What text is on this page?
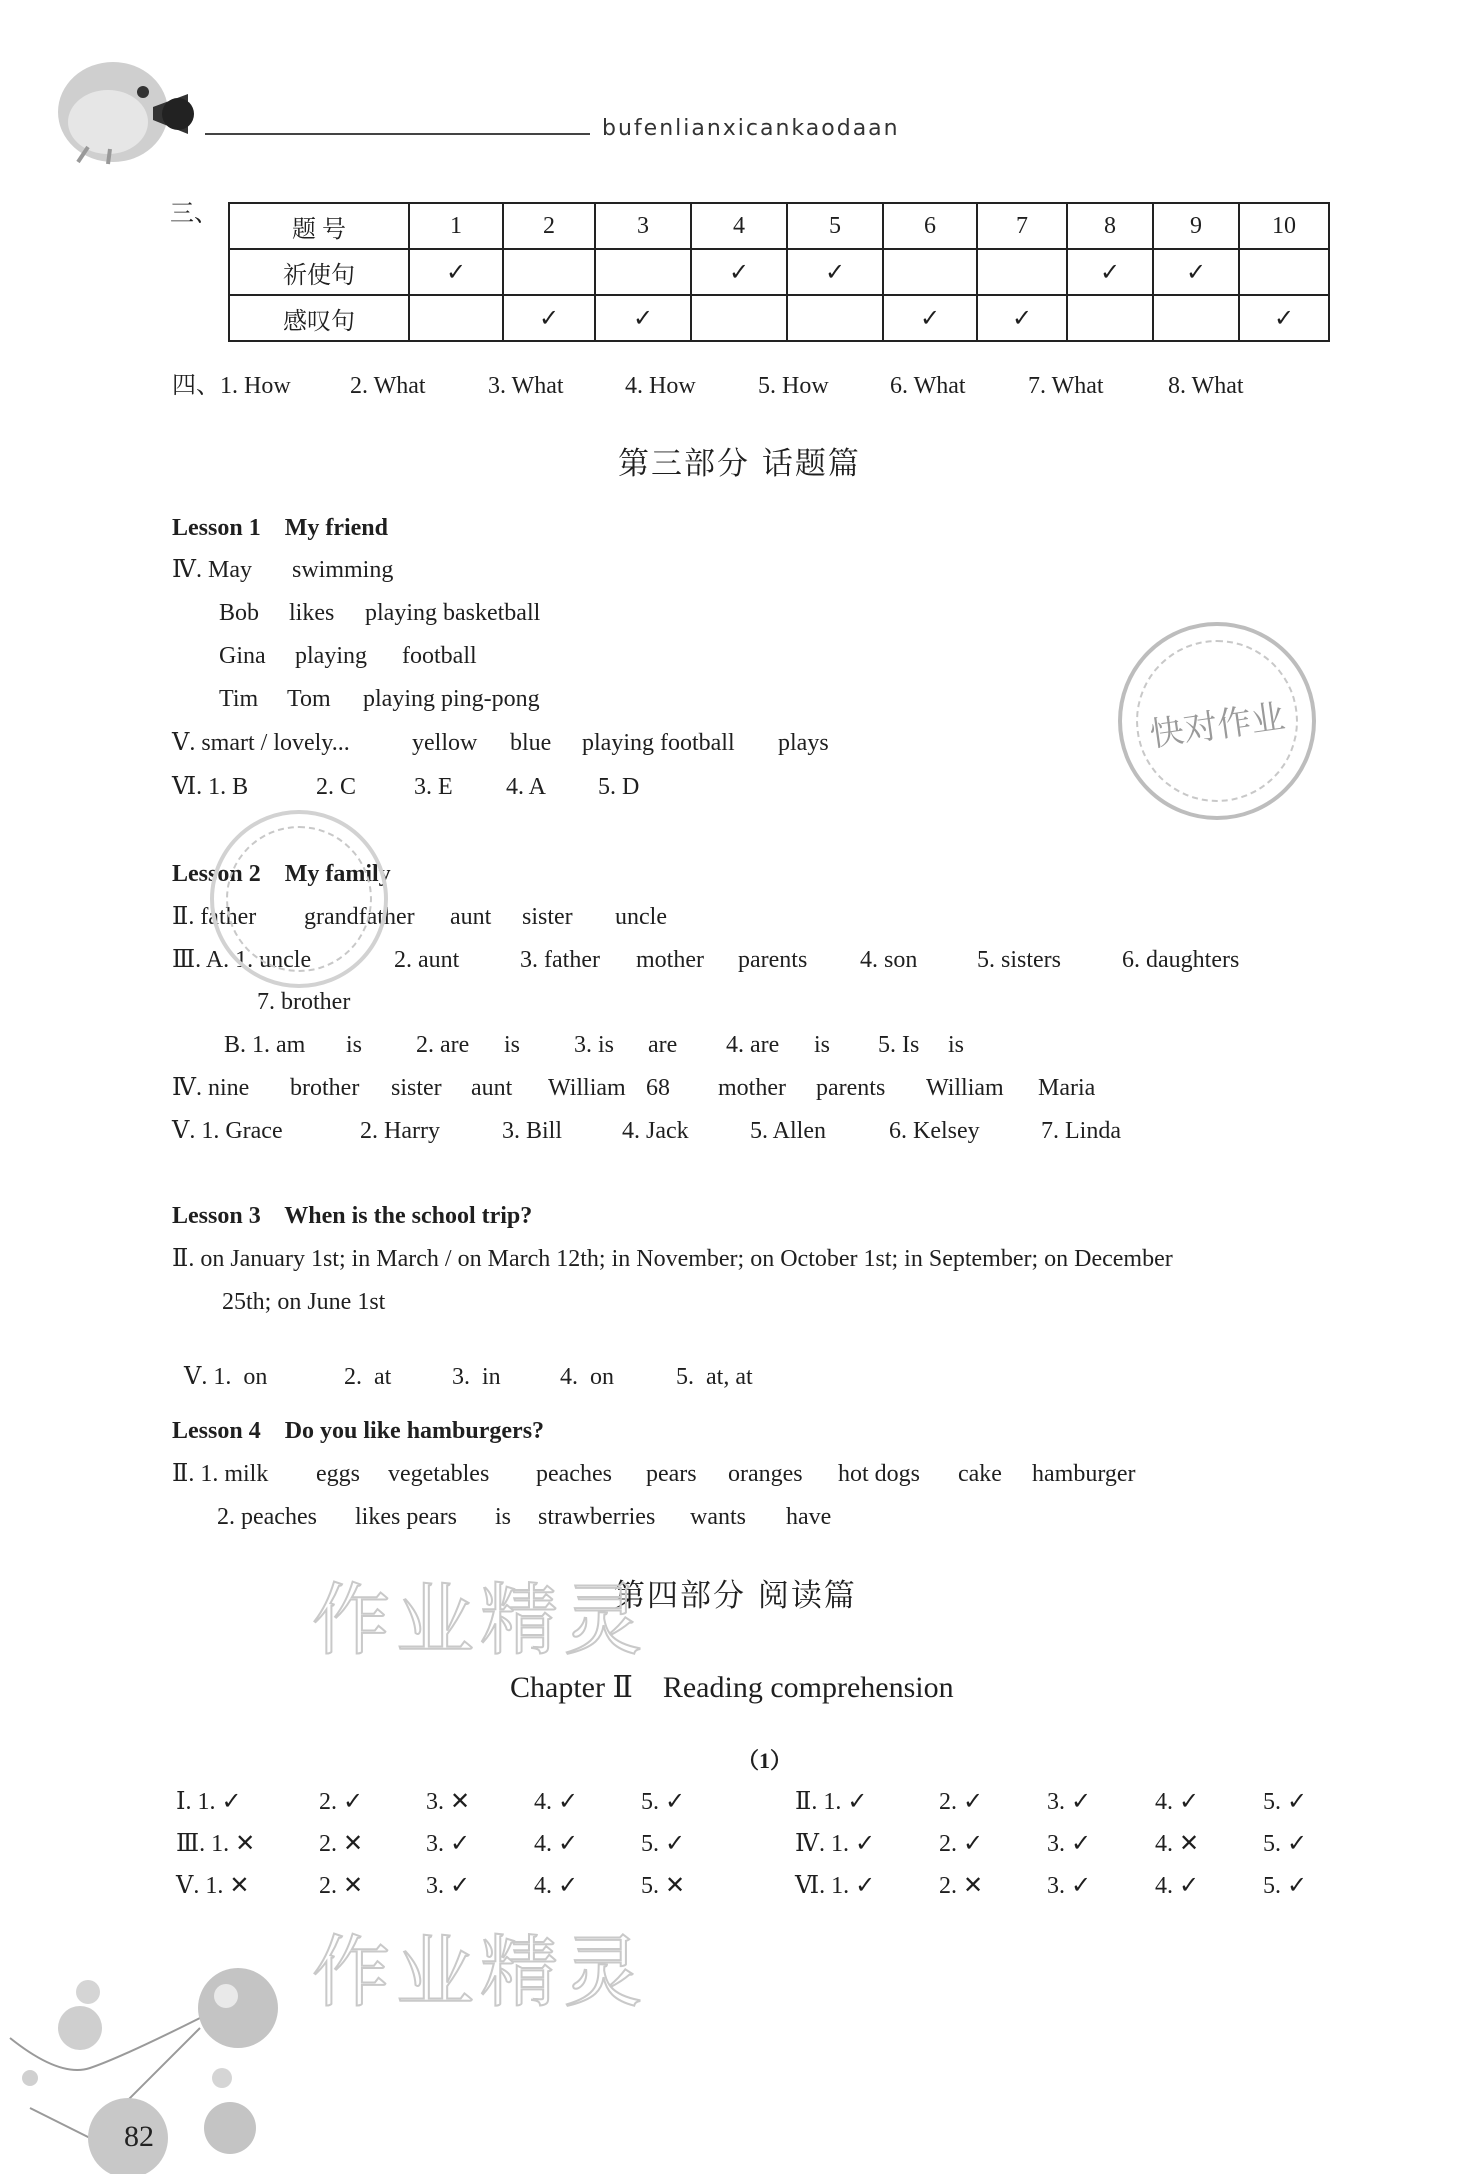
bufenlianxicankaodaan
三、
题 号	1	2	3	4	5	6	7	8	9	10
祈使句	✓			✓	✓			✓	✓	
感叹句		✓	✓			✓	✓			✓
四、1. How 2. What	3. What	4. How	5. How	6. What	7. What	8. What
第三部分 话题篇
Lesson 1    My friend
Ⅳ. May swimming
Bob likes playing basketball
Gina playing football
Tim Tom playing ping-pong
Ⅴ. smart / lovely...	yellow blue playing football plays
Ⅵ. 1. B	2. C 3. E 4. A 5. D
Lesson 2    My family
Ⅱ. father grandfather aunt sister uncle
Ⅲ. A. 1. uncle	2. aunt	3. father mother parents 4. son 5. sisters	6. daughters
7. brother
B. 1. am is 2. are is 3. is are 4. are is 5. Is is
Ⅳ. nine brother sister aunt William 68 mother parents William Maria
Ⅴ. 1. Grace	2. Harry	3. Bill 4. Jack	5. Allen	6. Kelsey	7. Linda
Lesson 3    When is the school trip?
Ⅱ. on January 1st; in March / on March 12th; in November; on October 1st; in September; on December
25th; on June 1st

Ⅴ. 1.  on	2.  at	3.  in 4.  on	5.  at, at

Lesson 4    Do you like hamburgers?
Ⅱ. 1. milk eggs vegetables peaches pears oranges hot dogs cake hamburger
2. peaches likes pears is strawberries wants have
第四部分 阅读篇
Chapter Ⅱ    Reading comprehension
（1）
Ⅰ. 1. ✓	2. ✓	3. ✕	4. ✓	5. ✓	Ⅱ. 1. ✓	2. ✓	3. ✓	4. ✓	5. ✓
Ⅲ. 1. ✕	2. ✕	3. ✓	4. ✓	5. ✓	Ⅳ. 1. ✓	2. ✓	3. ✓	4. ✕	5. ✓
Ⅴ. 1. ✕	2. ✕	3. ✓	4. ✓	5. ✕	Ⅵ. 1. ✓	2. ✕	3. ✓	4. ✓	5. ✓
快对作业
作业精灵
作业精灵
82
